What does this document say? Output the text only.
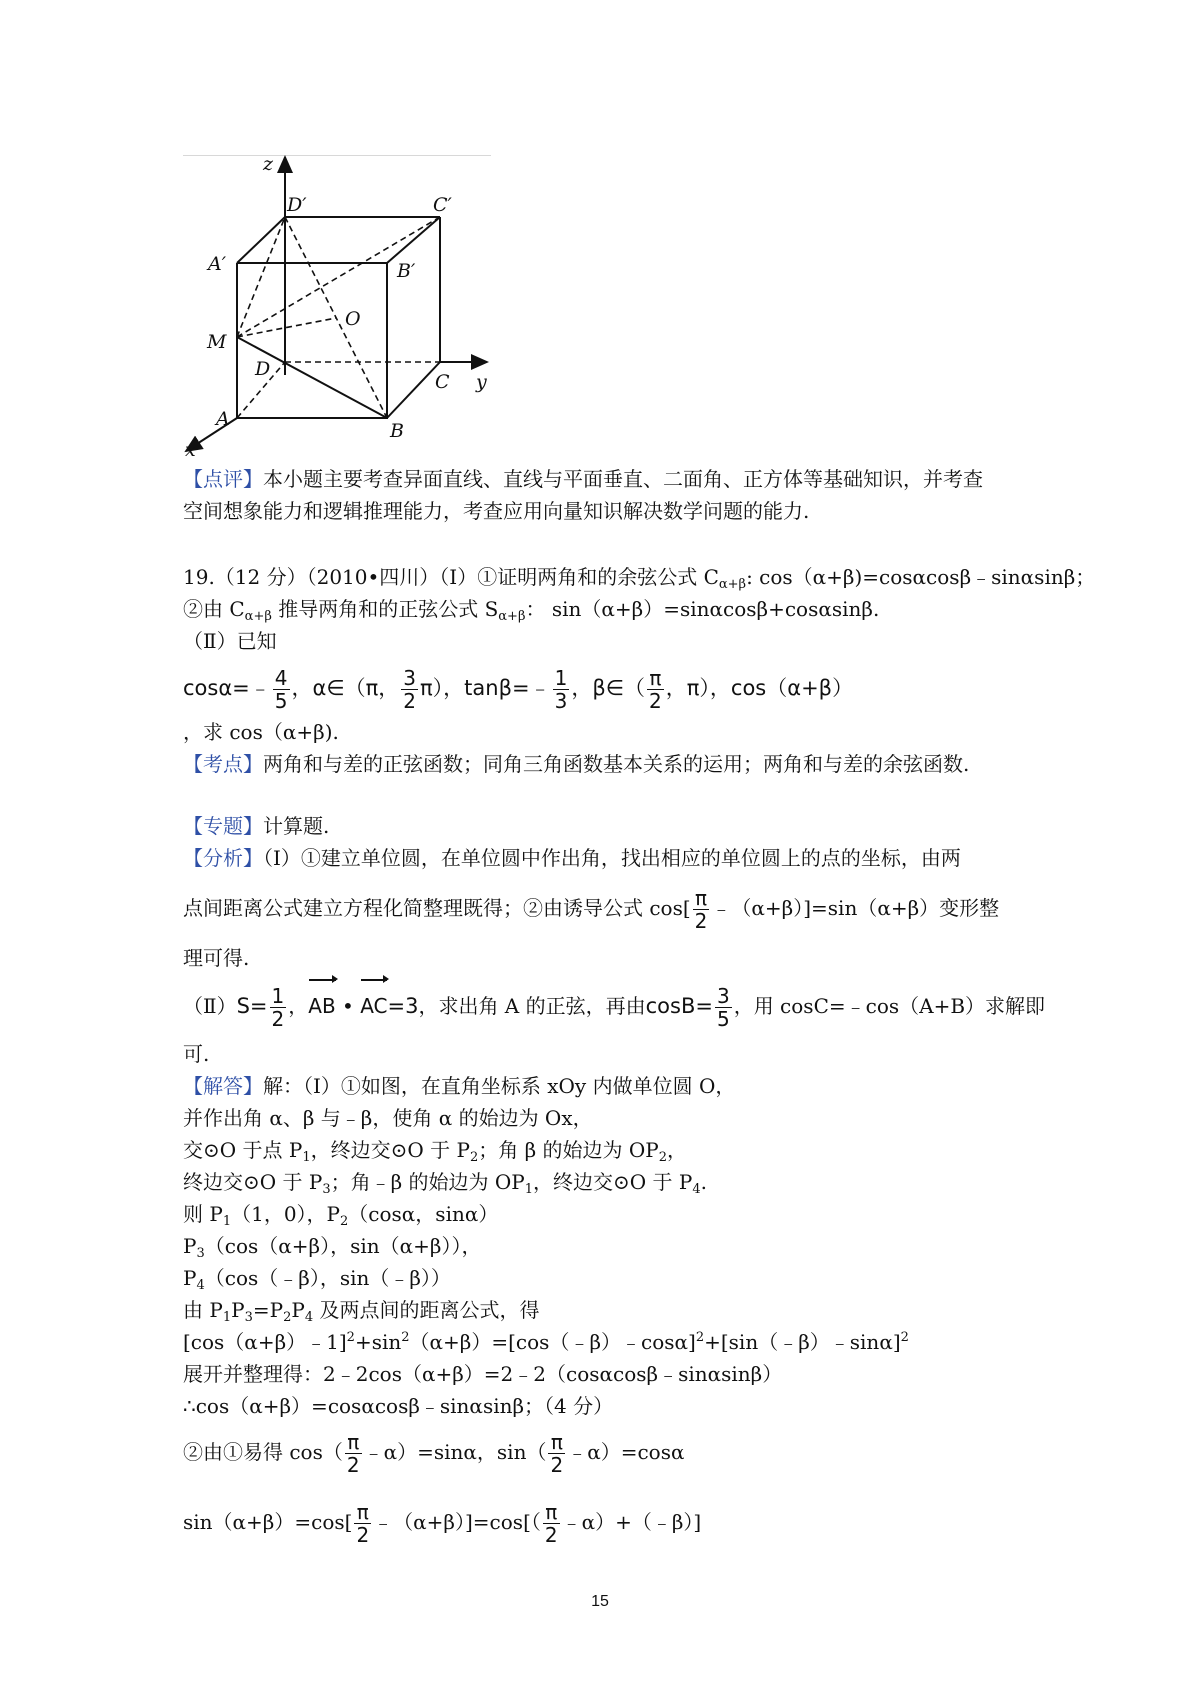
z
x
y
D′	C′
A′	B′
O
M
D
C
A
B
【点评】本小题主要考查异面直线、直线与平面垂直、二面角、正方体等基础知识，并考查
空间想象能力和逻辑推理能力，考查应用向量知识解决数学问题的能力.
19.（12 分）（2010•四川）（Ⅰ）①证明两角和的余弦公式 $C_{\alpha+\beta}$: cos（α+β)=cosαcosβ﹣sinαsinβ；
②由 $C_{\alpha+\beta}$ 推导两角和的正弦公式 $S_{\alpha+\beta}$： sin（α+β）=sinαcosβ+cosαsinβ.
（Ⅱ）已知
cosα=﹣ $\frac{4}{5}$ ，α∈（π， $\frac{3}{2} \pi$），tanβ=﹣ $\frac{1}{3}$ ，β∈（ $\frac{\pi}{2}$ ，π），cos（α+β）
，求 cos（α+β).
【考点】两角和与差的正弦函数；同角三角函数基本关系的运用；两角和与差的余弦函数.
【专题】计算题.
【分析】（Ⅰ）①建立单位圆，在单位圆中作出角，找出相应的单位圆上的点的坐标，由两
点间距离公式建立方程化简整理既得；②由诱导公式 $\cos[ \frac{\pi}{2}$ ﹣（α+β）]=sin（α+β）变形整
理可得.
（Ⅱ）S= $\frac{1}{2}$ ，AB • AC=3，求出角 A 的正弦，再由$\cos B= \frac{3}{5}$ ，用 cosC=﹣cos（A+B）求解即
可.
【解答】解：（Ⅰ）①如图，在直角坐标系 xOy 内做单位圆 O，
并作出角 α、β 与﹣β，使角 α 的始边为 Ox，
交⊙O 于点 $P_1$，终边交⊙O 于 $P_2$；角 β 的始边为 $OP_2$，
终边交⊙O 于 $P_3$；角﹣β 的始边为 $OP_1$，终边交⊙O 于 $P_4$.
则 $P_1(1$，0），$P_2(\cos\alpha$，sinα）
$P_3(\cos(\alpha+\beta)$，sin（α+β）），
$P_4(\cos(﹣\beta)$，sin（﹣β））
由 $P_1P_3=P_2P_4$ 及两点间的距离公式，得
$[\cos(\alpha+\beta)﹣1]^2+\sin^2(\alpha+\beta)=[\cos(﹣\beta)﹣\cos\alpha]^2+[\sin(﹣\beta)﹣\sin\alpha]^2$
展开并整理得：2﹣2cos（α+β）=2﹣2（cosαcosβ﹣sinαsinβ）
∴cos（α+β）=cosαcosβ﹣sinαsinβ；（4 分）
②由①易得 $\cos( \frac{\pi}{2}$ ﹣α）=sinα，$\sin( \frac{\pi}{2}$ ﹣α）=cosα
$\sin(\alpha+\beta)=\cos[ \frac{\pi}{2}$ ﹣（α+β）]=cos[（ $\frac{\pi}{2}$ ﹣α）+（﹣β）]
15
